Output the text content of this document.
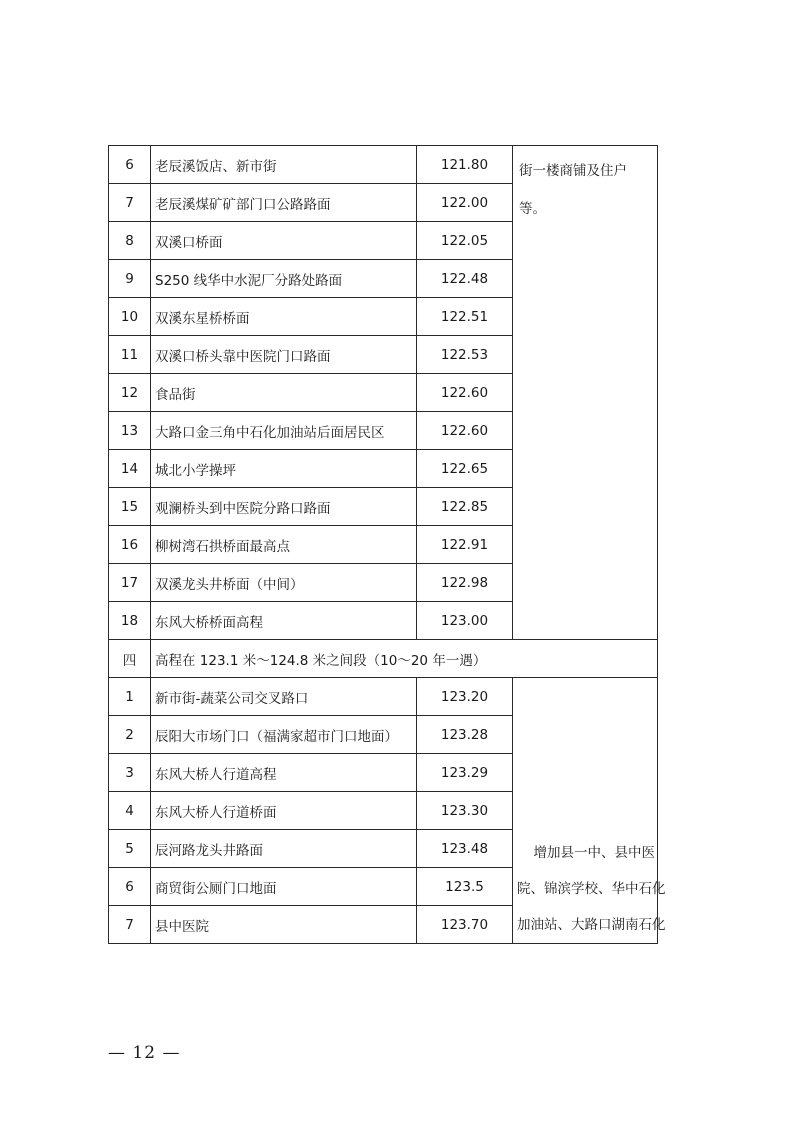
6	老辰溪饭店、新市街	121.80	街一楼商铺及住户等。
7	老辰溪煤矿矿部门口公路路面	122.00	
8	双溪口桥面	122.05	
9	S250 线华中水泥厂分路处路面	122.48	
10	双溪东星桥桥面	122.51	
11	双溪口桥头靠中医院门口路面	122.53	
12	食品街	122.60	
13	大路口金三角中石化加油站后面居民区	122.60	
14	城北小学操坪	122.65	
15	观澜桥头到中医院分路口路面	122.85	
16	柳树湾石拱桥面最高点	122.91	
17	双溪龙头井桥面（中间）	122.98	
18	东风大桥桥面高程	123.00	
四	高程在 123.1 米～124.8 米之间段（10～20 年一遇）		
1	新市街-蔬菜公司交叉路口	123.20	增加县一中、县中医
院、锦滨学校、华中石化
加油站、大路口湖南石化

2	辰阳大市场门口（福满家超市门口地面）	123.28	
3	东风大桥人行道高程	123.29	
4	东风大桥人行道桥面	123.30	
5	辰河路龙头井路面	123.48	
6	商贸街公厕门口地面	123.5	
7	县中医院	123.70	
— 12 —
